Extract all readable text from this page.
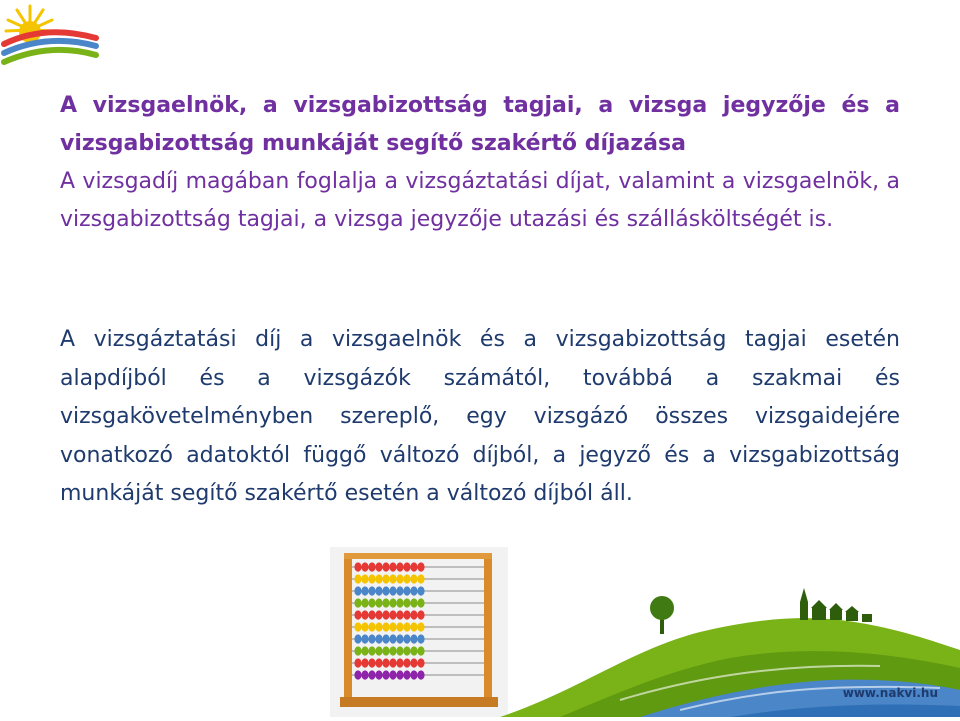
A vizsgaelnök, a vizsgabizottság tagjai, a vizsga jegyzője és a vizsgabizottság munkáját segítő szakértő díjazása
A vizsgadíj magában foglalja a vizsgáztatási díjat, valamint a vizsgaelnök, a vizsgabizottság tagjai, a vizsga jegyzője utazási és szállásköltségét is.
A vizsgáztatási díj a vizsgaelnök és a vizsgabizottság tagjai esetén alapdíjból és a vizsgázók számától, továbbá a szakmai és vizsgakövetelményben szereplő, egy vizsgázó összes vizsgaidejére vonatkozó adatoktól függő változó díjból, a jegyző és a vizsgabizottság munkáját segítő szakértő esetén a változó díjból áll.
www.nakvi.hu
